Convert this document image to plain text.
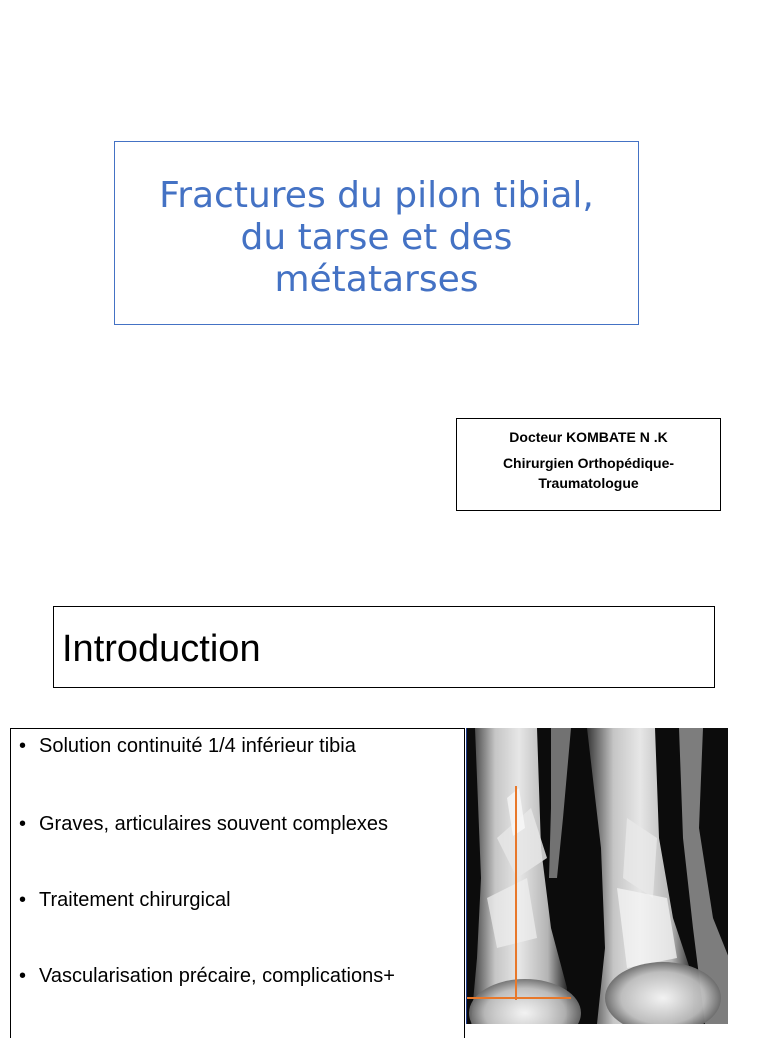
Fractures du pilon tibial,
du tarse et des
métatarses
Docteur KOMBATE N .K
Chirurgien Orthopédique-
Traumatologue
Introduction
• Solution continuité 1/4 inférieur tibia
• Graves, articulaires souvent complexes
• Traitement chirurgical
• Vascularisation précaire, complications+
